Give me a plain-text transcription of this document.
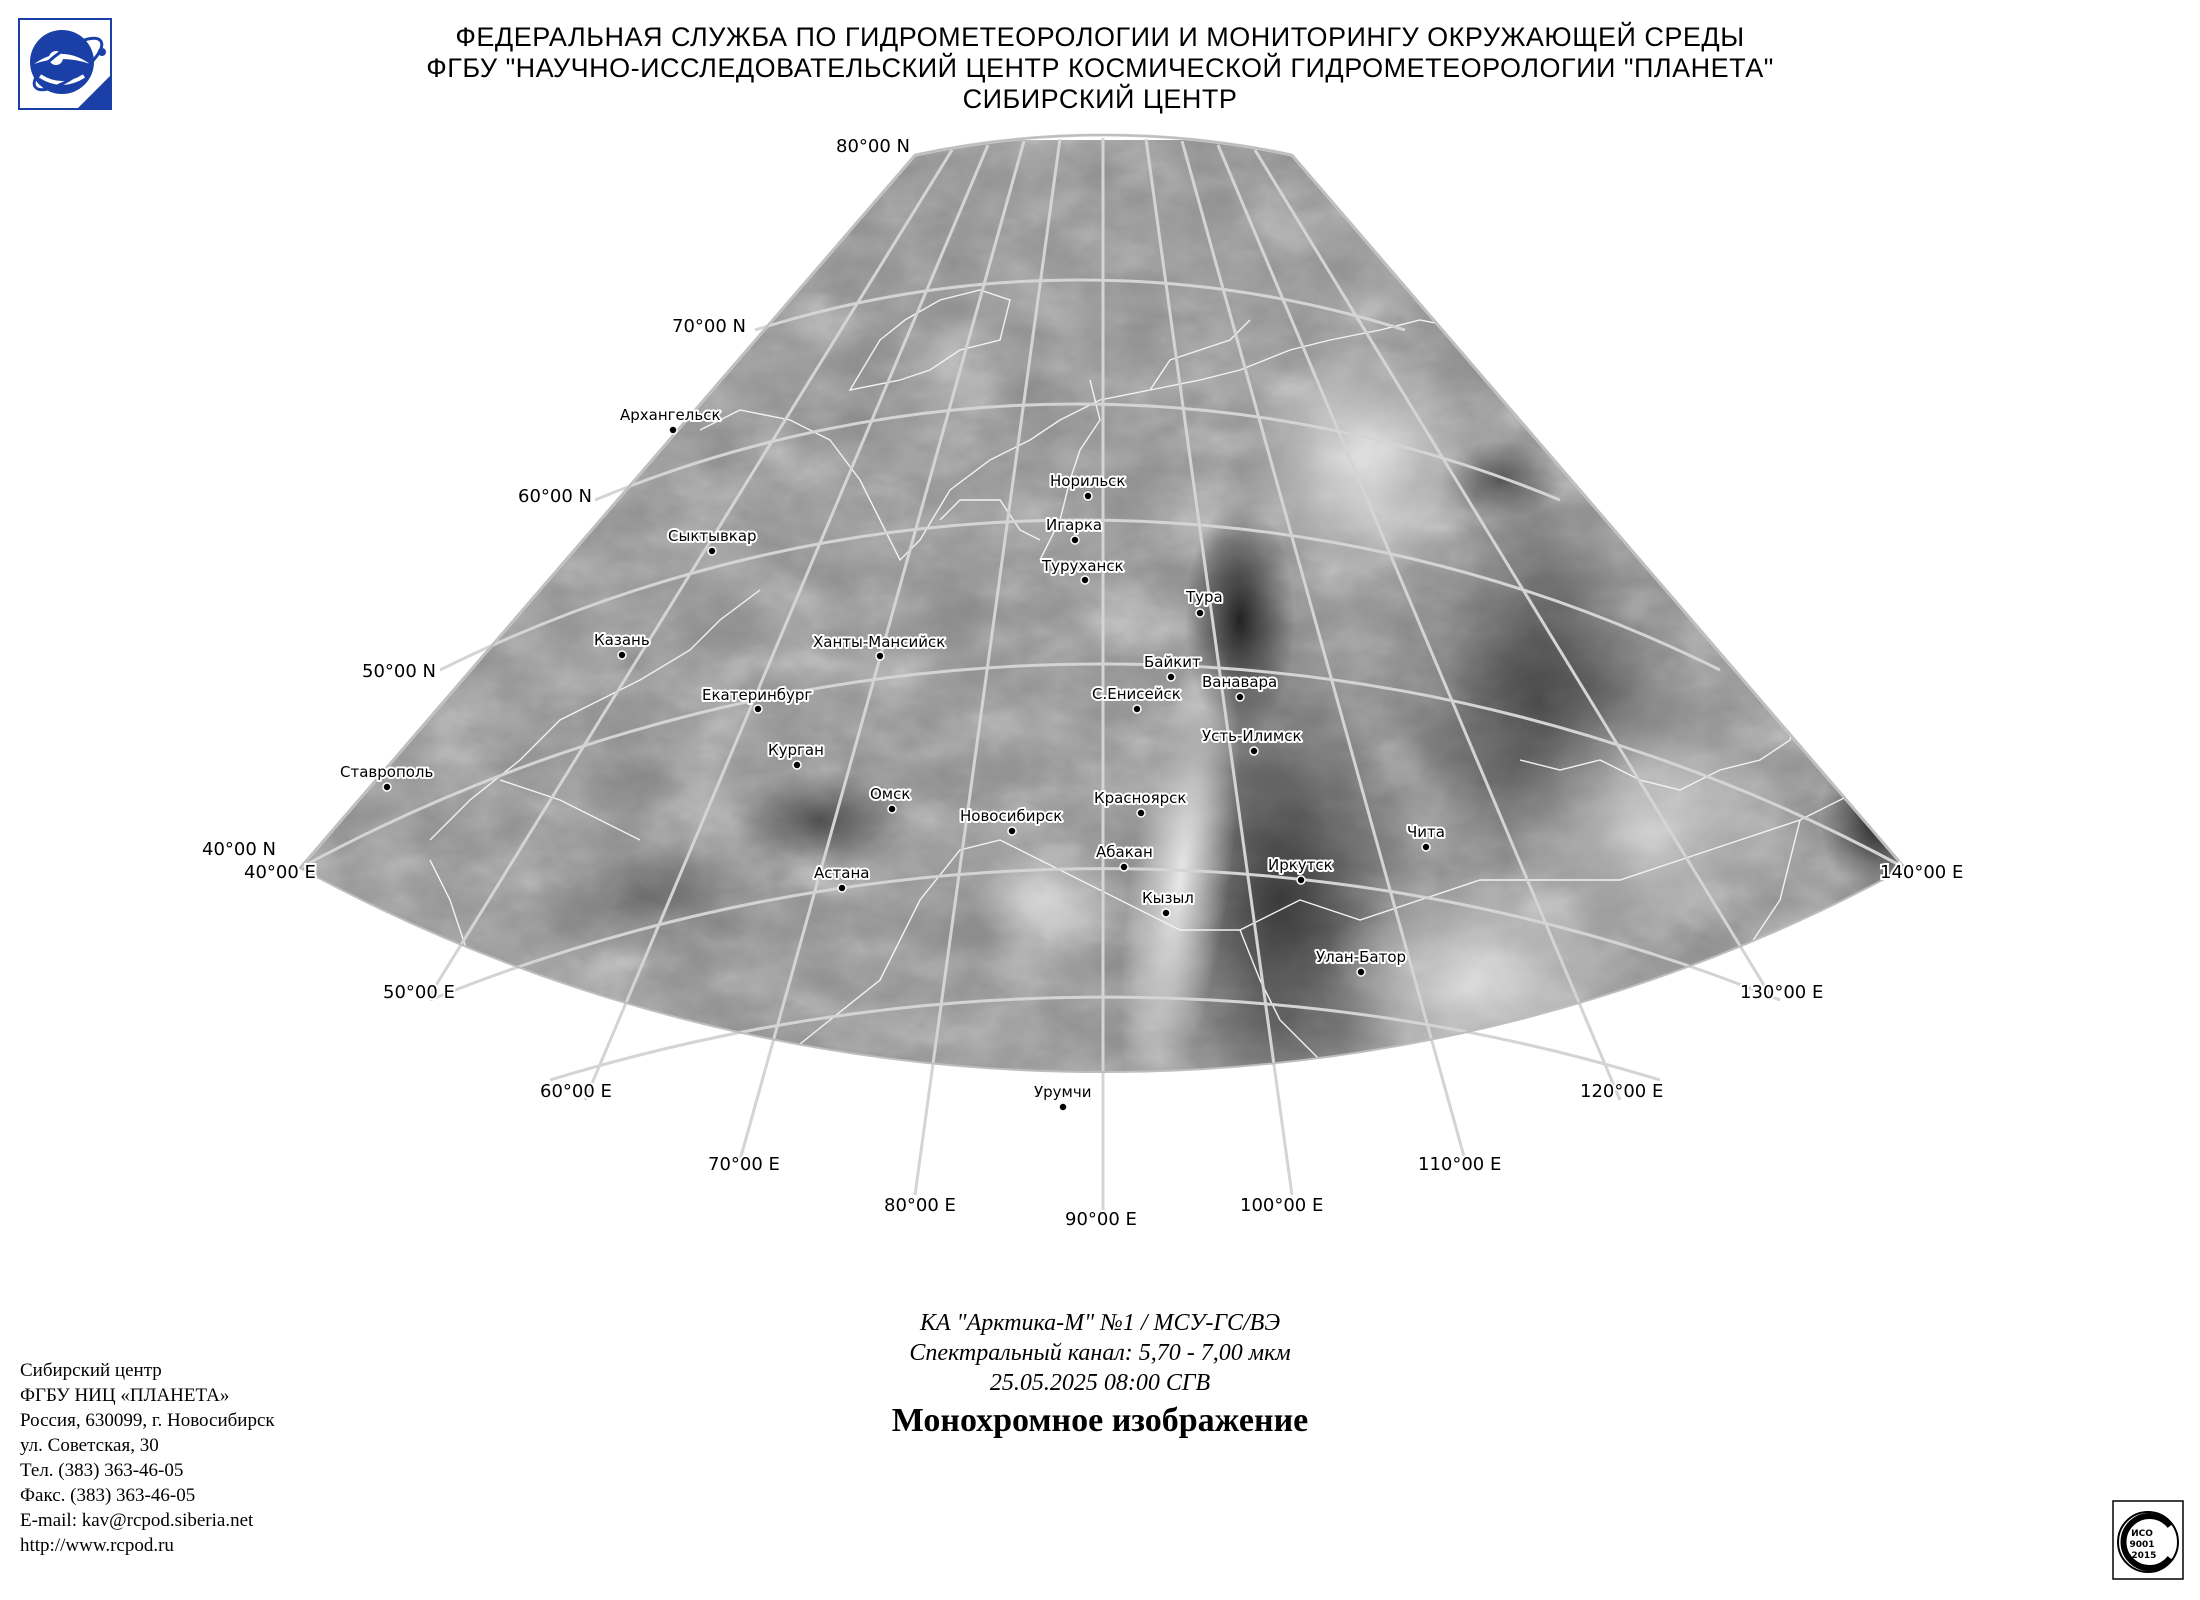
ФЕДЕРАЛЬНАЯ СЛУЖБА ПО ГИДРОМЕТЕОРОЛОГИИ И МОНИТОРИНГУ ОКРУЖАЮЩЕЙ СРЕДЫ
ФГБУ "НАУЧНО-ИССЛЕДОВАТЕЛЬСКИЙ ЦЕНТР КОСМИЧЕСКОЙ ГИДРОМЕТЕОРОЛОГИИ "ПЛАНЕТА"
СИБИРСКИЙ ЦЕНТР
80°00 N
70°00 N
60°00 N
50°00 N
40°00 N
40°00 E
50°00 E
60°00 E
70°00 E
80°00 E
90°00 E
100°00 E
110°00 E
120°00 E
130°00 E
140°00 E
Архангельск
Сыктывкар
Казань
Ставрополь
Екатеринбург
Ханты-Мансийск
Курган
Омск
Астана
Новосибирск
Норильск
Игарка
Туруханск
Тура
Байкит
Ванавара
С.Енисейск
Усть-Илимск
Красноярск
Абакан
Кызыл
Иркутск
Чита
Улан-Батор
Урумчи
КА "Арктика-М" №1 / МСУ-ГС/ВЭ
Спектральный канал: 5,70 - 7,00 мкм
25.05.2025 08:00 СГВ
Монохромное изображение
Сибирский центр
ФГБУ НИЦ «ПЛАНЕТА»
Россия, 630099, г. Новосибирск
ул. Советская, 30
Тел. (383) 363-46-05
Факс. (383) 363-46-05
E-mail: kav@rcpod.siberia.net
http://www.rcpod.ru
ИСО
9001
-2015
